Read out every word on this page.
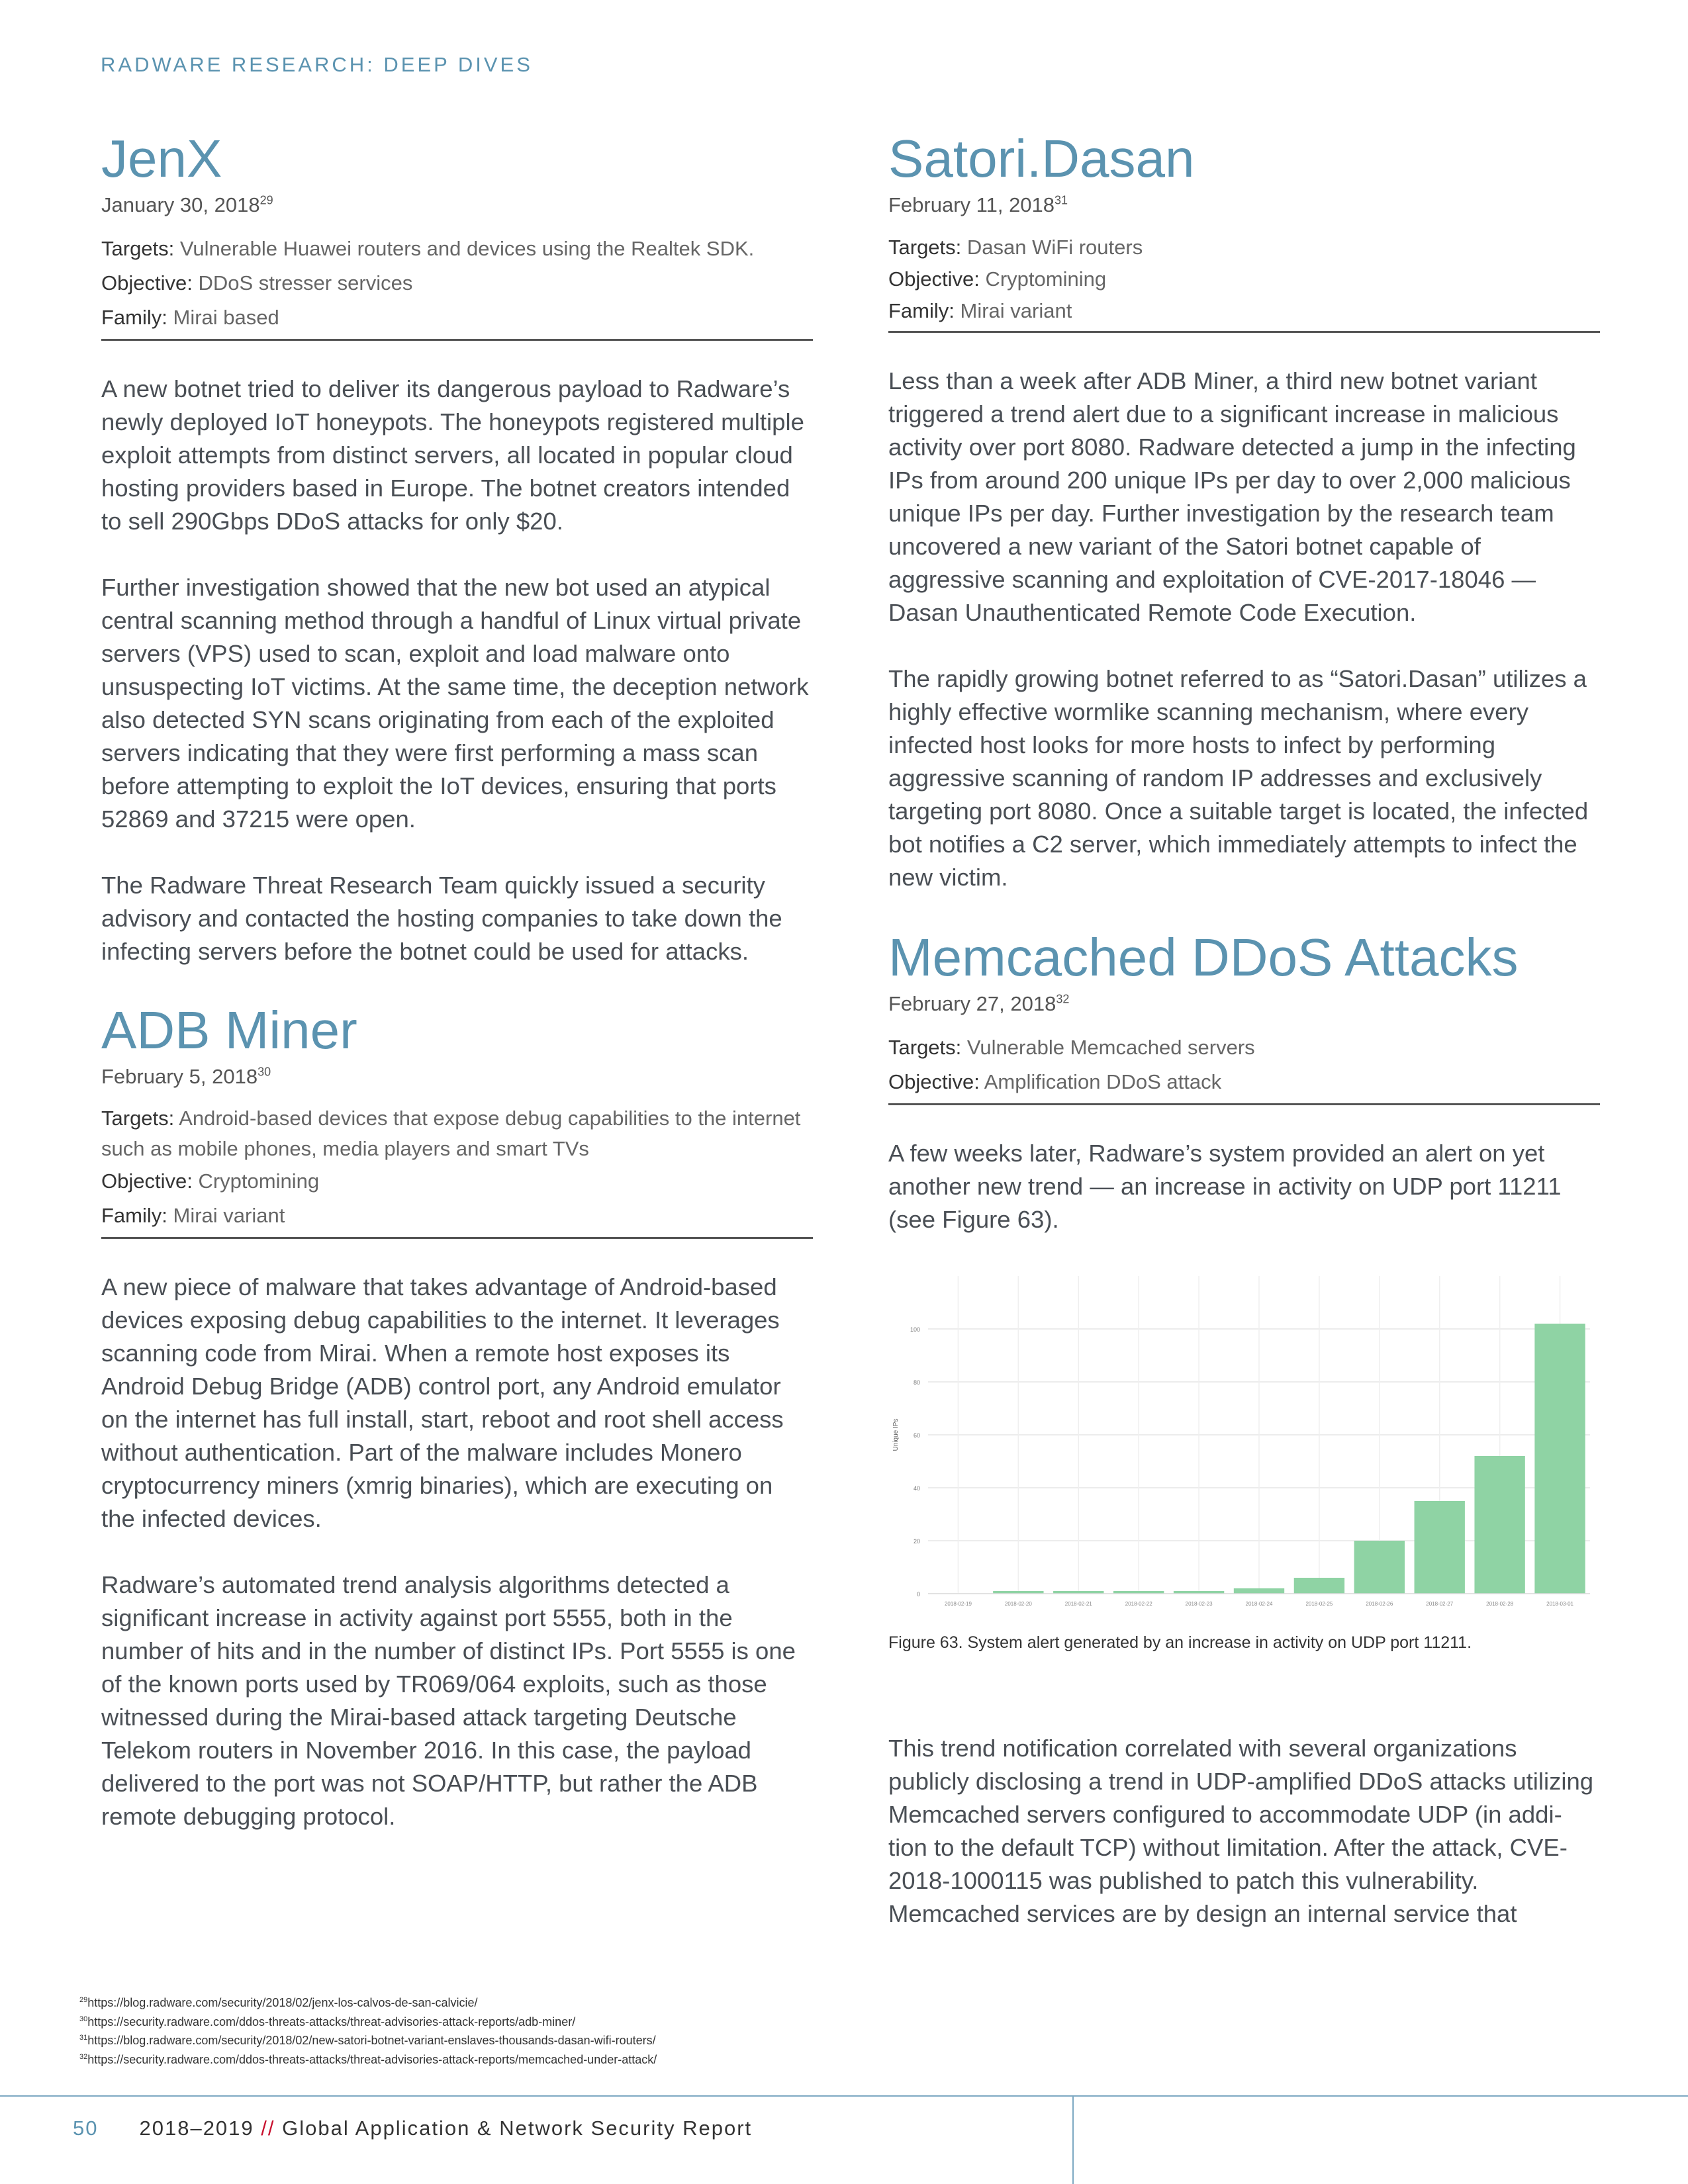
RADWARE RESEARCH: DEEP DIVES
JenX
January 30, 2018$^{29}$
Targets: Vulnerable Huawei routers and devices using the Realtek SDK.
Objective: DDoS stresser services
Family: Mirai based

A new botnet tried to deliver its dangerous payload to Radware’s newly deployed IoT honeypots. The honeypots registered multiple exploit attempts from distinct servers, all located in popular cloud hosting providers based in Europe. The botnet creators intended to sell 290Gbps DDoS attacks for only $20.

Further investigation showed that the new bot used an atypical central scanning method through a handful of Linux virtual private servers (VPS) used to scan, exploit and load malware onto unsuspecting IoT victims. At the same time, the deception network also detected SYN scans originating from each of the exploited servers indicating that they were first performing a mass scan before attempting to exploit the IoT devices, ensuring that ports 52869 and 37215 were open.

The Radware Threat Research Team quickly issued a security advisory and contacted the hosting companies to take down the infecting servers before the botnet could be used for attacks.

ADB Miner
February 5, 2018$^{30}$
Targets: Android-based devices that expose debug capabilities to the internet such as mobile phones, media players and smart TVs
Objective: Cryptomining
Family: Mirai variant

A new piece of malware that takes advantage of Android-based devices exposing debug capabilities to the internet. It leverages scanning code from Mirai. When a remote host exposes its Android Debug Bridge (ADB) control port, any Android emulator on the internet has full install, start, reboot and root shell access without authentication. Part of the malware includes Monero cryptocurrency miners (xmrig binaries), which are executing on the infected devices.

Radware’s automated trend analysis algorithms detected a significant increase in activity against port 5555, both in the number of hits and in the number of distinct IPs. Port 5555 is one of the known ports used by TR069/064 exploits, such as those witnessed during the Mirai-based attack targeting Deutsche Telekom routers in November 2016. In this case, the payload delivered to the port was not SOAP/HTTP, but rather the ADB remote debugging protocol.

Satori.Dasan
February 11, 2018$^{31}$
Targets: Dasan WiFi routers
Objective: Cryptomining
Family: Mirai variant

Less than a week after ADB Miner, a third new botnet variant triggered a trend alert due to a significant increase in malicious activity over port 8080. Radware detected a jump in the infecting IPs from around 200 unique IPs per day to over 2,000 malicious unique IPs per day. Further investigation by the research team uncovered a new variant of the Satori botnet capable of aggressive scanning and exploitation of CVE-2017-18046 — Dasan Unauthenticated Remote Code Execution.

The rapidly growing botnet referred to as “Satori.Dasan” utilizes a highly effective wormlike scanning mechanism, where every infected host looks for more hosts to infect by performing aggressive scanning of random IP addresses and exclusively targeting port 8080. Once a suitable target is located, the infected bot notifies a C2 server, which immediately attempts to infect the new victim.

Memcached DDoS Attacks
February 27, 2018$^{32}$
Targets: Vulnerable Memcached servers
Objective: Amplification DDoS attack

A few weeks later, Radware’s system provided an alert on yet another new trend — an increase in activity on UDP port 11211 (see Figure 63).

0
20
40
60
80
100
Unique IPs
2018-02-19	2018-02-20	2018-02-21	2018-02-22	2018-02-23	2018-02-24	2018-02-25	2018-02-26	2018-02-27	2018-02-28	2018-03-01

Figure 63. System alert generated by an increase in activity on UDP port 11211.

This trend notification correlated with several organizations publicly disclosing a trend in UDP-amplified DDoS attacks utilizing Memcached servers configured to accommodate UDP (in addi-tion to the default TCP) without limitation. After the attack, CVE-2018-1000115 was published to patch this vulnerability. Memcached services are by design an internal service that

$^{29}$https://blog.radware.com/security/2018/02/jenx-los-calvos-de-san-calvicie/
$^{30}$https://security.radware.com/ddos-threats-attacks/threat-advisories-attack-reports/adb-miner/
$^{31}$https://blog.radware.com/security/2018/02/new-satori-botnet-variant-enslaves-thousands-dasan-wifi-routers/
$^{32}$https://security.radware.com/ddos-threats-attacks/threat-advisories-attack-reports/memcached-under-attack/
50 2018–2019 // Global Application & Network Security Report
